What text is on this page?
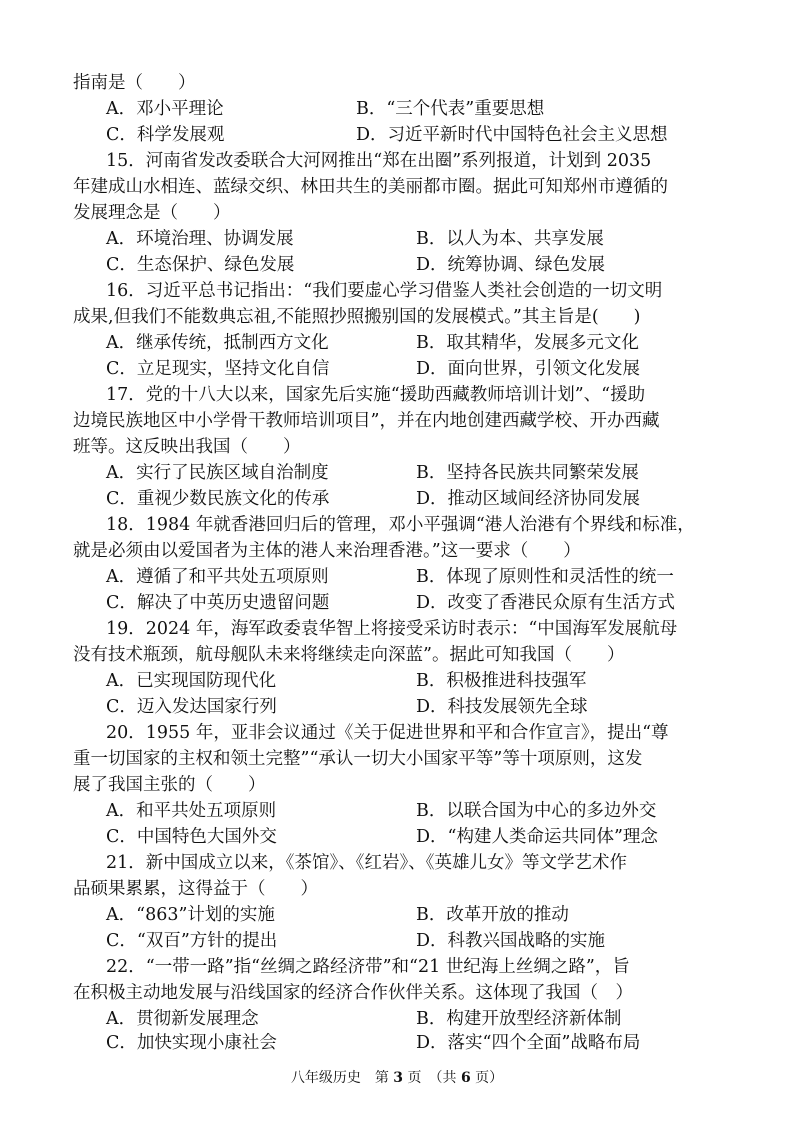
指南是（　　）
A．邓小平理论	B．“三个代表”重要思想
C．科学发展观	D．习近平新时代中国特色社会主义思想
15．河南省发改委联合大河网推出“郑在出圈”系列报道，计划到 2035
年建成山水相连、蓝绿交织、林田共生的美丽都市圈。据此可知郑州市遵循的
发展理念是（　　）
A．环境治理、协调发展	B．以人为本、共享发展
C．生态保护、绿色发展	D．统筹协调、绿色发展
16．习近平总书记指出：“我们要虚心学习借鉴人类社会创造的一切文明
成果,但我们不能数典忘祖,不能照抄照搬别国的发展模式。”其主旨是(　　)
A．继承传统，抵制西方文化	B．取其精华，发展多元文化
C．立足现实，坚持文化自信	D．面向世界，引领文化发展
17．党的十八大以来，国家先后实施“援助西藏教师培训计划”、“援助
边境民族地区中小学骨干教师培训项目”，并在内地创建西藏学校、开办西藏
班等。这反映出我国（　　）
A．实行了民族区域自治制度	B．坚持各民族共同繁荣发展
C．重视少数民族文化的传承	D．推动区域间经济协同发展
18．1984 年就香港回归后的管理，邓小平强调“港人治港有个界线和标准，
就是必须由以爱国者为主体的港人来治理香港。”这一要求（　　）
A．遵循了和平共处五项原则	B．体现了原则性和灵活性的统一
C．解决了中英历史遗留问题	D．改变了香港民众原有生活方式
19．2024 年，海军政委袁华智上将接受采访时表示：“中国海军发展航母
没有技术瓶颈，航母舰队未来将继续走向深蓝”。据此可知我国（　　）
A．已实现国防现代化	B．积极推进科技强军
C．迈入发达国家行列	D．科技发展领先全球
20．1955 年，亚非会议通过《关于促进世界和平和合作宣言》，提出“尊
重一切国家的主权和领土完整”“承认一切大小国家平等”等十项原则，这发
展了我国主张的（　　）
A．和平共处五项原则	B．以联合国为中心的多边外交
C．中国特色大国外交	D．“构建人类命运共同体”理念
21．新中国成立以来，《茶馆》、《红岩》、《英雄儿女》等文学艺术作
品硕果累累，这得益于（　　）
A．“863”计划的实施	B．改革开放的推动
C．“双百”方针的提出	D．科教兴国战略的实施
22．“一带一路”指“丝绸之路经济带”和“21 世纪海上丝绸之路”，旨
在积极主动地发展与沿线国家的经济合作伙伴关系。这体现了我国（　）
A．贯彻新发展理念	B．构建开放型经济新体制
C．加快实现小康社会	D．落实“四个全面”战略布局
八年级历史　第 3 页　（共 6 页）
